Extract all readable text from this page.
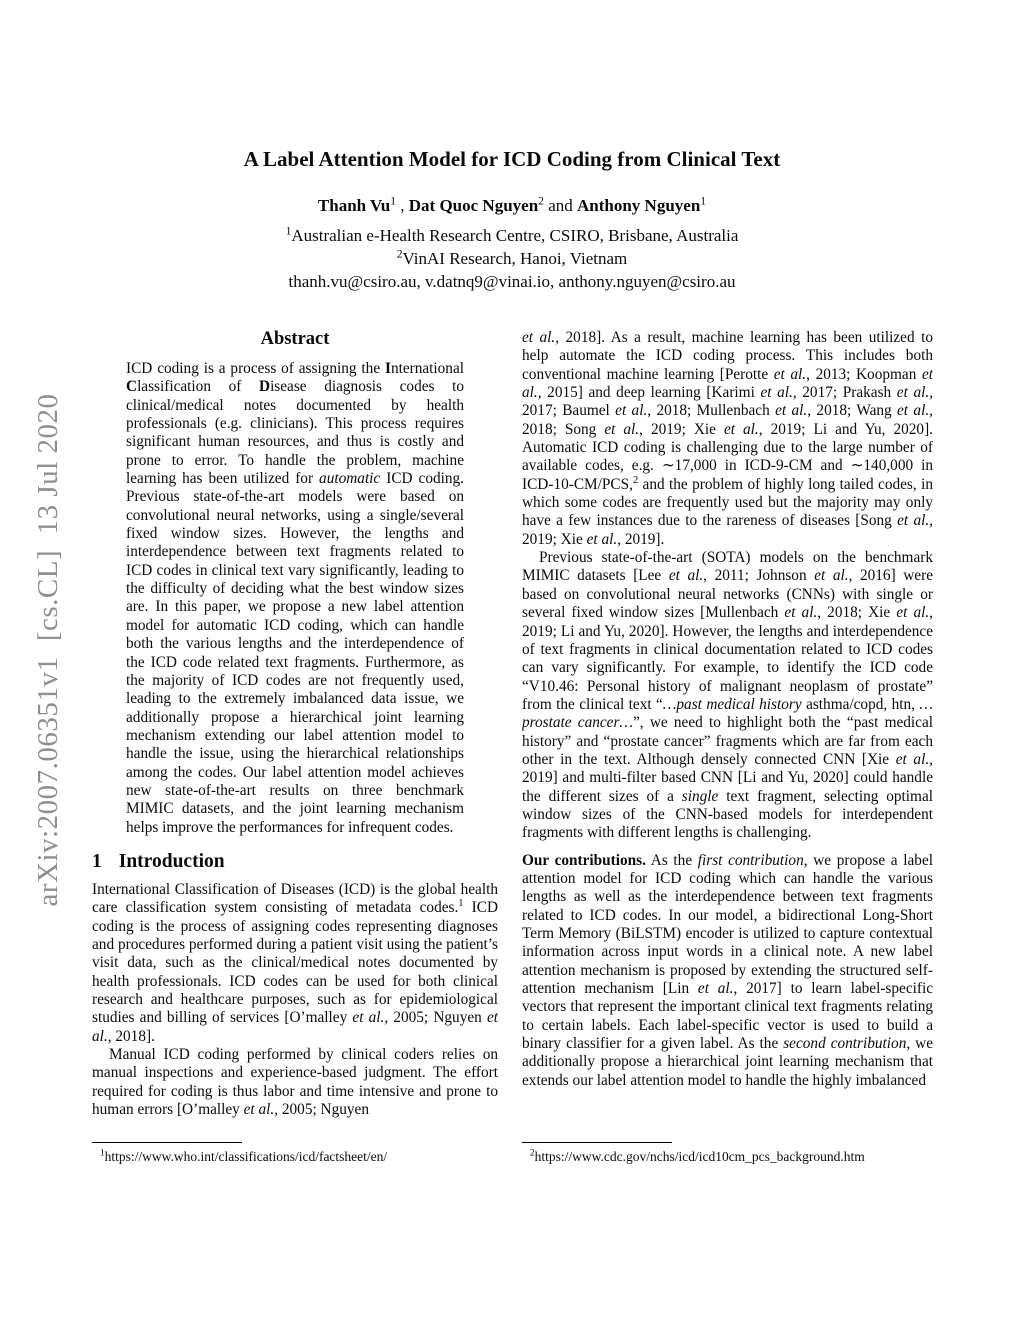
arXiv:2007.06351v1  [cs.CL]  13 Jul 2020
A Label Attention Model for ICD Coding from Clinical Text
Thanh Vu$^1$ , Dat Quoc Nguyen$^2$ and Anthony Nguyen$^1$
$^1$Australian e-Health Research Centre, CSIRO, Brisbane, Australia
$^2$VinAI Research, Hanoi, Vietnam
thanh.vu@csiro.au, v.datnq9@vinai.io, anthony.nguyen@csiro.au
Abstract

ICD coding is a process of assigning the International Classification of Disease diagnosis codes to clinical/medical notes documented by health professionals (e.g. clinicians). This process requires significant human resources, and thus is costly and prone to error. To handle the problem, machine learning has been utilized for automatic ICD coding. Previous state-of-the-art models were based on convolutional neural networks, using a single/several fixed window sizes. However, the lengths and interdependence between text fragments related to ICD codes in clinical text vary significantly, leading to the difficulty of deciding what the best window sizes are. In this paper, we propose a new label attention model for automatic ICD coding, which can handle both the various lengths and the interdependence of the ICD code related text fragments. Furthermore, as the majority of ICD codes are not frequently used, leading to the extremely imbalanced data issue, we additionally propose a hierarchical joint learning mechanism extending our label attention model to handle the issue, using the hierarchical relationships among the codes. Our label attention model achieves new state-of-the-art results on three benchmark MIMIC datasets, and the joint learning mechanism helps improve the performances for infrequent codes.

1 Introduction

International Classification of Diseases (ICD) is the global health care classification system consisting of metadata codes.$^1$ ICD coding is the process of assigning codes representing diagnoses and procedures performed during a patient visit using the patient’s visit data, such as the clinical/medical notes documented by health professionals. ICD codes can be used for both clinical research and healthcare purposes, such as for epidemiological studies and billing of services [O’malley et al., 2005; Nguyen et al., 2018].

Manual ICD coding performed by clinical coders relies on manual inspections and experience-based judgment. The effort required for coding is thus labor and time intensive and prone to human errors [O’malley et al., 2005; Nguyen

et al., 2018]. As a result, machine learning has been utilized to help automate the ICD coding process. This includes both conventional machine learning [Perotte et al., 2013; Koopman et al., 2015] and deep learning [Karimi et al., 2017; Prakash et al., 2017; Baumel et al., 2018; Mullenbach et al., 2018; Wang et al., 2018; Song et al., 2019; Xie et al., 2019; Li and Yu, 2020]. Automatic ICD coding is challenging due to the large number of available codes, e.g. ∼17,000 in ICD-9-CM and ∼140,000 in ICD-10-CM/PCS,$^2$ and the problem of highly long tailed codes, in which some codes are frequently used but the majority may only have a few instances due to the rareness of diseases [Song et al., 2019; Xie et al., 2019].

Previous state-of-the-art (SOTA) models on the benchmark MIMIC datasets [Lee et al., 2011; Johnson et al., 2016] were based on convolutional neural networks (CNNs) with single or several fixed window sizes [Mullenbach et al., 2018; Xie et al., 2019; Li and Yu, 2020]. However, the lengths and interdependence of text fragments in clinical documentation related to ICD codes can vary significantly. For example, to identify the ICD code “V10.46: Personal history of malignant neoplasm of prostate” from the clinical text “…past medical history asthma/copd, htn, …prostate cancer…”, we need to highlight both the “past medical history” and “prostate cancer” fragments which are far from each other in the text. Although densely connected CNN [Xie et al., 2019] and multi-filter based CNN [Li and Yu, 2020] could handle the different sizes of a single text fragment, selecting optimal window sizes of the CNN-based models for interdependent fragments with different lengths is challenging.

Our contributions. As the first contribution, we propose a label attention model for ICD coding which can handle the various lengths as well as the interdependence between text fragments related to ICD codes. In our model, a bidirectional Long-Short Term Memory (BiLSTM) encoder is utilized to capture contextual information across input words in a clinical note. A new label attention mechanism is proposed by extending the structured self-attention mechanism [Lin et al., 2017] to learn label-specific vectors that represent the important clinical text fragments relating to certain labels. Each label-specific vector is used to build a binary classifier for a given label. As the second contribution, we additionally propose a hierarchical joint learning mechanism that extends our label attention model to handle the highly imbalanced

$^1$https://www.who.int/classifications/icd/factsheet/en/	$^2$https://www.cdc.gov/nchs/icd/icd10cm_pcs_background.htm
